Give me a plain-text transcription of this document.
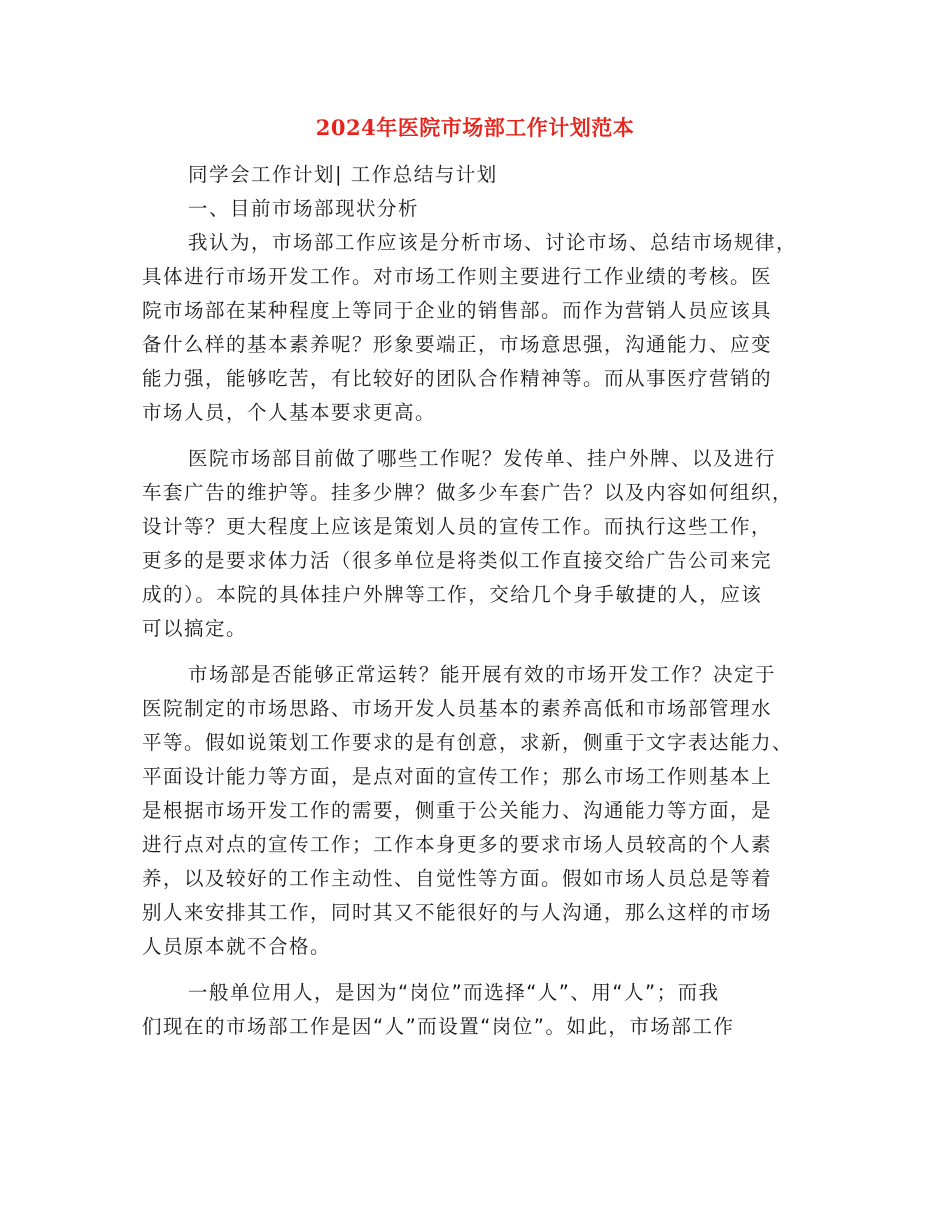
2024年医院市场部工作计划范本
同学会工作计划| 工作总结与计划
一、目前市场部现状分析
我认为，市场部工作应该是分析市场、讨论市场、总结市场规律，
具体进行市场开发工作。对市场工作则主要进行工作业绩的考核。医
院市场部在某种程度上等同于企业的销售部。而作为营销人员应该具
备什么样的基本素养呢？形象要端正，市场意思强，沟通能力、应变
能力强，能够吃苦，有比较好的团队合作精神等。而从事医疗营销的
市场人员，个人基本要求更高。
医院市场部目前做了哪些工作呢？发传单、挂户外牌、以及进行
车套广告的维护等。挂多少牌？做多少车套广告？以及内容如何组织，
设计等？更大程度上应该是策划人员的宣传工作。而执行这些工作，
更多的是要求体力活（很多单位是将类似工作直接交给广告公司来完
成的）。本院的具体挂户外牌等工作，交给几个身手敏捷的人，应该
可以搞定。
市场部是否能够正常运转？能开展有效的市场开发工作？决定于
医院制定的市场思路、市场开发人员基本的素养高低和市场部管理水
平等。假如说策划工作要求的是有创意，求新，侧重于文字表达能力、
平面设计能力等方面，是点对面的宣传工作；那么市场工作则基本上
是根据市场开发工作的需要，侧重于公关能力、沟通能力等方面，是
进行点对点的宣传工作；工作本身更多的要求市场人员较高的个人素
养，以及较好的工作主动性、自觉性等方面。假如市场人员总是等着
别人来安排其工作，同时其又不能很好的与人沟通，那么这样的市场
人员原本就不合格。
一般单位用人，是因为“岗位”而选择“人”、用“人”；而我
们现在的市场部工作是因“人”而设置“岗位”。如此，市场部工作
